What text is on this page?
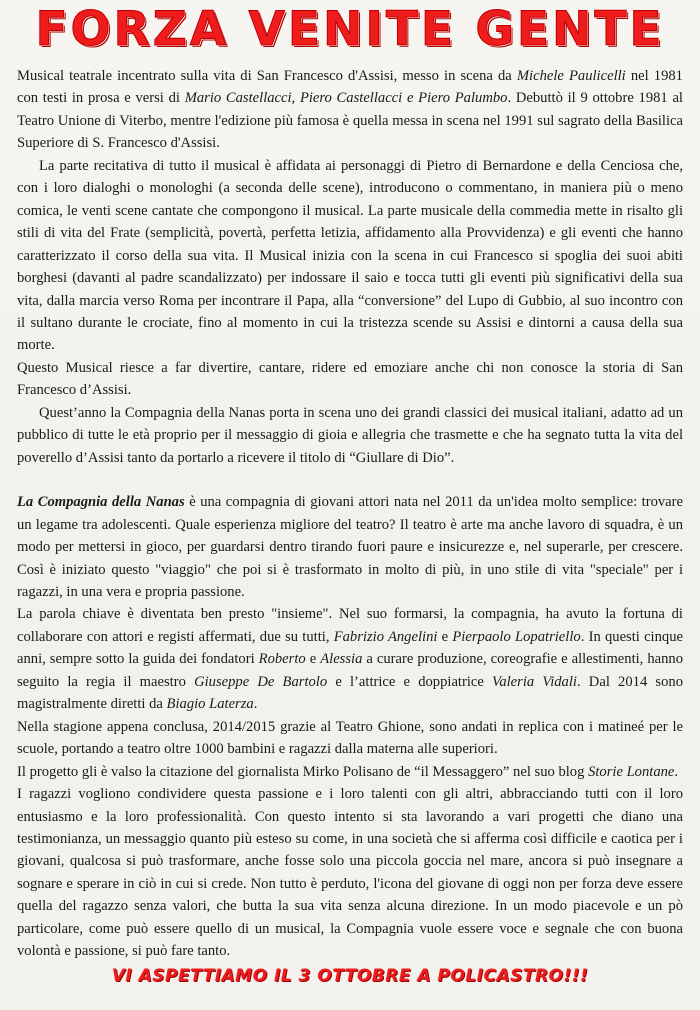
FORZA VENITE GENTE

Musical teatrale incentrato sulla vita di San Francesco d'Assisi, messo in scena da Michele Paulicelli nel 1981 con testi in prosa e versi di Mario Castellacci, Piero Castellacci e Piero Palumbo. Debuttò il 9 ottobre 1981 al Teatro Unione di Viterbo, mentre l'edizione più famosa è quella messa in scena nel 1991 sul sagrato della Basilica Superiore di S. Francesco d'Assisi.

La parte recitativa di tutto il musical è affidata ai personaggi di Pietro di Bernardone e della Cenciosa che, con i loro dialoghi o monologhi (a seconda delle scene), introducono o commentano, in maniera più o meno comica, le venti scene cantate che compongono il musical. La parte musicale della commedia mette in risalto gli stili di vita del Frate (semplicità, povertà, perfetta letizia, affidamento alla Provvidenza) e gli eventi che hanno caratterizzato il corso della sua vita. Il Musical inizia con la scena in cui Francesco si spoglia dei suoi abiti borghesi (davanti al padre scandalizzato) per indossare il saio e tocca tutti gli eventi più significativi della sua vita, dalla marcia verso Roma per incontrare il Papa, alla “conversione” del Lupo di Gubbio, al suo incontro con il sultano durante le crociate, fino al momento in cui la tristezza scende su Assisi e dintorni a causa della sua morte.

Questo Musical riesce a far divertire, cantare, ridere ed emoziare anche chi non conosce la storia di San Francesco d’Assisi.

Quest’anno la Compagnia della Nanas porta in scena uno dei grandi classici dei musical italiani, adatto ad un pubblico di tutte le età proprio per il messaggio di gioia e allegria che trasmette e che ha segnato tutta la vita del poverello d’Assisi tanto da portarlo a ricevere il titolo di “Giullare di Dio”.

La Compagnia della Nanas è una compagnia di giovani attori nata nel 2011 da un'idea molto semplice: trovare un legame tra adolescenti. Quale esperienza migliore del teatro? Il teatro è arte ma anche lavoro di squadra, è un modo per mettersi in gioco, per guardarsi dentro tirando fuori paure e insicurezze e, nel superarle, per crescere. Così è iniziato questo "viaggio" che poi si è trasformato in molto di più, in uno stile di vita "speciale" per i ragazzi, in una vera e propria passione.

La parola chiave è diventata ben presto "insieme". Nel suo formarsi, la compagnia, ha avuto la fortuna di collaborare con attori e registi affermati, due su tutti, Fabrizio Angelini e Pierpaolo Lopatriello. In questi cinque anni, sempre sotto la guida dei fondatori Roberto e Alessia a curare produzione, coreografie e allestimenti, hanno seguito la regia il maestro Giuseppe De Bartolo e l’attrice e doppiatrice Valeria Vidali. Dal 2014 sono magistralmente diretti da Biagio Laterza.

Nella stagione appena conclusa, 2014/2015 grazie al Teatro Ghione, sono andati in replica con i matineé per le scuole, portando a teatro oltre 1000 bambini e ragazzi dalla materna alle superiori.

Il progetto gli è valso la citazione del giornalista Mirko Polisano de “il Messaggero” nel suo blog Storie Lontane.

I ragazzi vogliono condividere questa passione e i loro talenti con gli altri, abbracciando tutti con il loro entusiasmo e la loro professionalità. Con questo intento si sta lavorando a vari progetti che diano una testimonianza, un messaggio quanto più esteso su come, in una società che si afferma così difficile e caotica per i giovani, qualcosa si può trasformare, anche fosse solo una piccola goccia nel mare, ancora si può insegnare a sognare e sperare in ciò in cui si crede. Non tutto è perduto, l'icona del giovane di oggi non per forza deve essere quella del ragazzo senza valori, che butta la sua vita senza alcuna direzione. In un modo piacevole e un pò particolare, come può essere quello di un musical, la Compagnia vuole essere voce e segnale che con buona volontà e passione, si può fare tanto.

VI ASPETTIAMO IL 3 OTTOBRE A POLICASTRO!!!
